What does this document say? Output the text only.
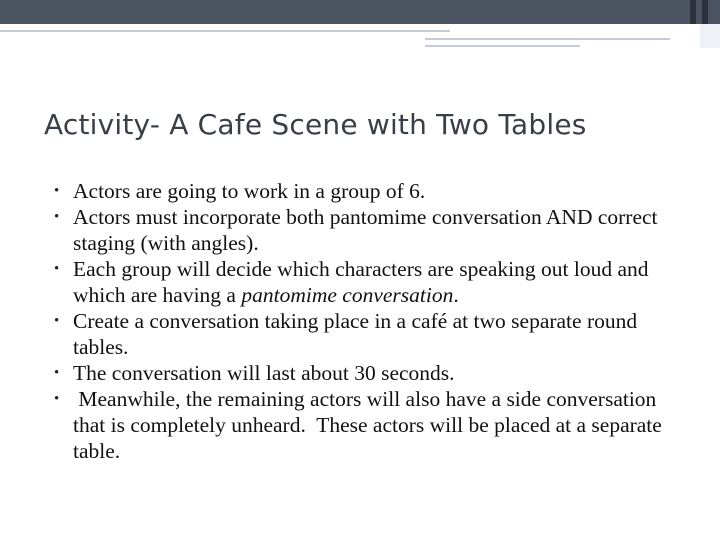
Activity- A Cafe Scene with Two Tables
• Actors are going to work in a group of 6.
• Actors must incorporate both pantomime conversation AND correct staging (with angles).
• Each group will decide which characters are speaking out loud and which are having a pantomime conversation.
• Create a conversation taking place in a café at two separate round tables.
• The conversation will last about 30 seconds.
• Meanwhile, the remaining actors will also have a side conversation that is completely unheard.  These actors will be placed at a separate table.
